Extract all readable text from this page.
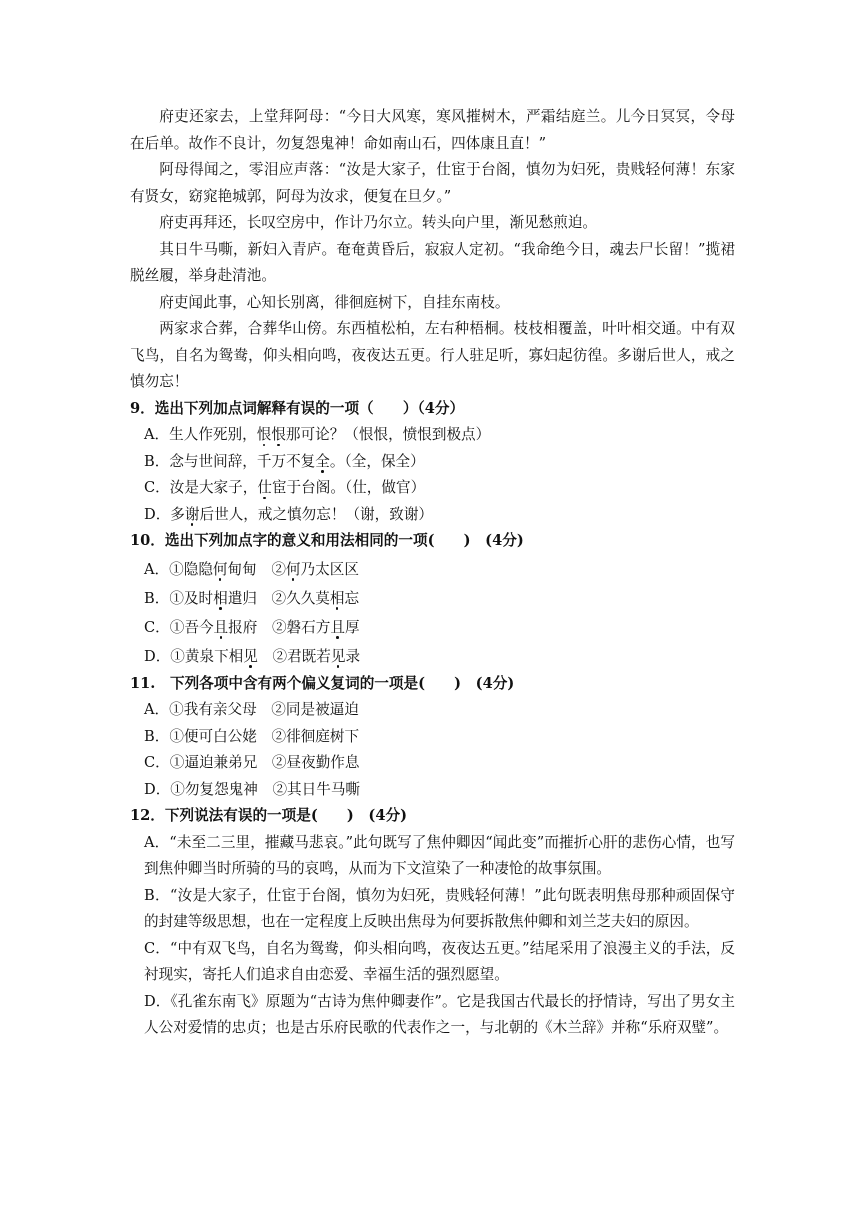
府吏还家去，上堂拜阿母：“今日大风寒，寒风摧树木，严霜结庭兰。儿今日冥冥，令母在后单。故作不良计，勿复怨鬼神！命如南山石，四体康且直！”

阿母得闻之，零泪应声落：“汝是大家子，仕宦于台阁，慎勿为妇死，贵贱轻何薄！东家有贤女，窈窕艳城郭，阿母为汝求，便复在旦夕。”

府吏再拜还，长叹空房中，作计乃尔立。转头向户里，渐见愁煎迫。

其日牛马嘶，新妇入青庐。奄奄黄昏后，寂寂人定初。“我命绝今日，魂去尸长留！”揽裙脱丝履，举身赴清池。

府吏闻此事，心知长别离，徘徊庭树下，自挂东南枝。

两家求合葬，合葬华山傍。东西植松柏，左右种梧桐。枝枝相覆盖，叶叶相交通。中有双飞鸟，自名为鸳鸯，仰头相向鸣，夜夜达五更。行人驻足听，寡妇起彷徨。多谢后世人，戒之慎勿忘！

9．选出下列加点词解释有误的一项（　　）（4分）

A．生人作死别，恨恨那可论？（恨恨，愤恨到极点）

B．念与世间辞，千万不复全。（全，保全）

C．汝是大家子，仕宦于台阁。（仕，做官）

D．多谢后世人，戒之慎勿忘！（谢，致谢）

10．选出下列加点字的意义和用法相同的一项(　　)　(4分)

A．①隐隐何甸甸　②何乃太区区

B．①及时相遣归　②久久莫相忘

C．①吾今且报府　②磐石方且厚

D．①黄泉下相见　②君既若见录

11.　下列各项中含有两个偏义复词的一项是(　　)　(4分)

A．①我有亲父母　②同是被逼迫

B．①便可白公姥　②徘徊庭树下

C．①逼迫兼弟兄　②昼夜勤作息

D．①勿复怨鬼神　②其日牛马嘶

12．下列说法有误的一项是(　　)　(4分)

A．“未至二三里，摧藏马悲哀。”此句既写了焦仲卿因“闻此变”而摧折心肝的悲伤心情，也写到焦仲卿当时所骑的马的哀鸣，从而为下文渲染了一种凄怆的故事氛围。

B．“汝是大家子，仕宦于台阁，慎勿为妇死，贵贱轻何薄！”此句既表明焦母那种顽固保守的封建等级思想，也在一定程度上反映出焦母为何要拆散焦仲卿和刘兰芝夫妇的原因。

C．“中有双飞鸟，自名为鸳鸯，仰头相向鸣，夜夜达五更。”结尾采用了浪漫主义的手法，反衬现实，寄托人们追求自由恋爱、幸福生活的强烈愿望。

D．《孔雀东南飞》原题为“古诗为焦仲卿妻作”。它是我国古代最长的抒情诗，写出了男女主人公对爱情的忠贞；也是古乐府民歌的代表作之一，与北朝的《木兰辞》并称“乐府双璧”。
